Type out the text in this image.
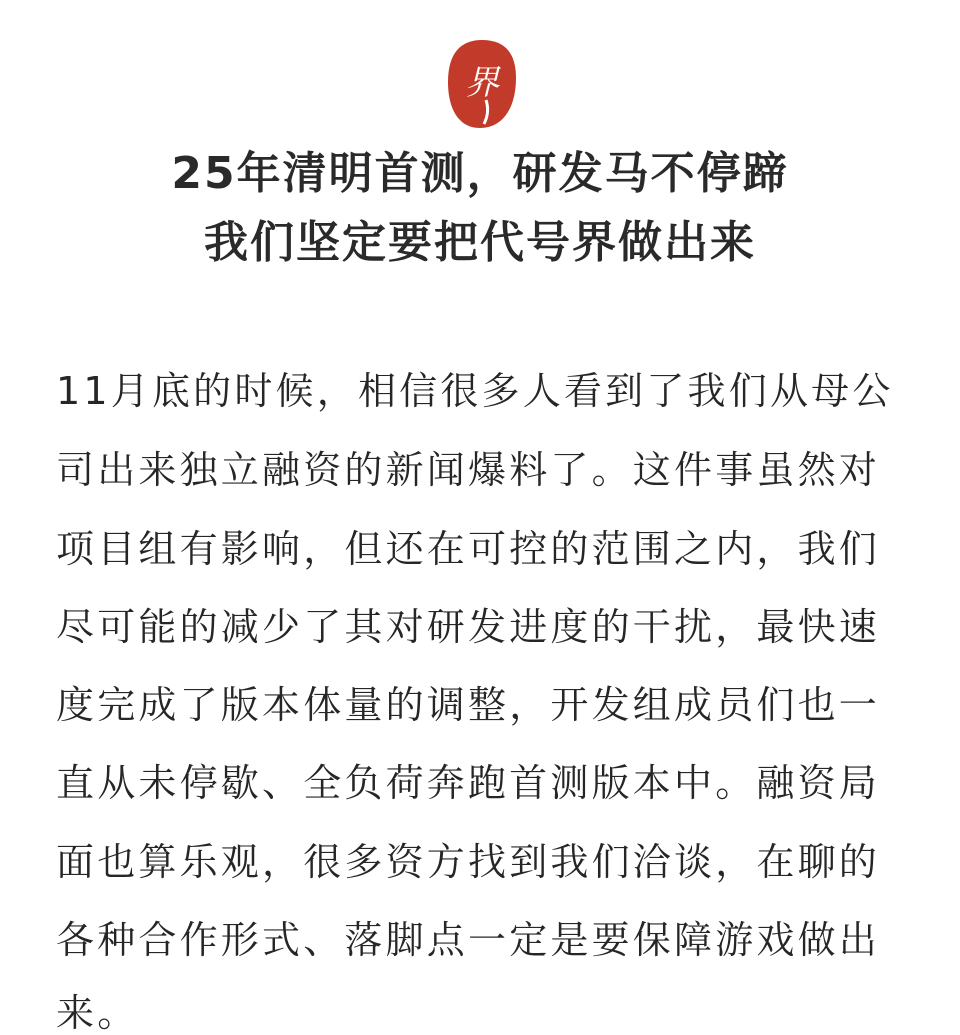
界
25年清明首测，研发马不停蹄
我们坚定要把代号界做出来
11月底的时候，相信很多人看到了我们从母公
司出来独立融资的新闻爆料了。这件事虽然对
项目组有影响，但还在可控的范围之内，我们
尽可能的减少了其对研发进度的干扰，最快速
度完成了版本体量的调整，开发组成员们也一
直从未停歇、全负荷奔跑首测版本中。融资局
面也算乐观，很多资方找到我们洽谈，在聊的
各种合作形式、落脚点一定是要保障游戏做出
来。
